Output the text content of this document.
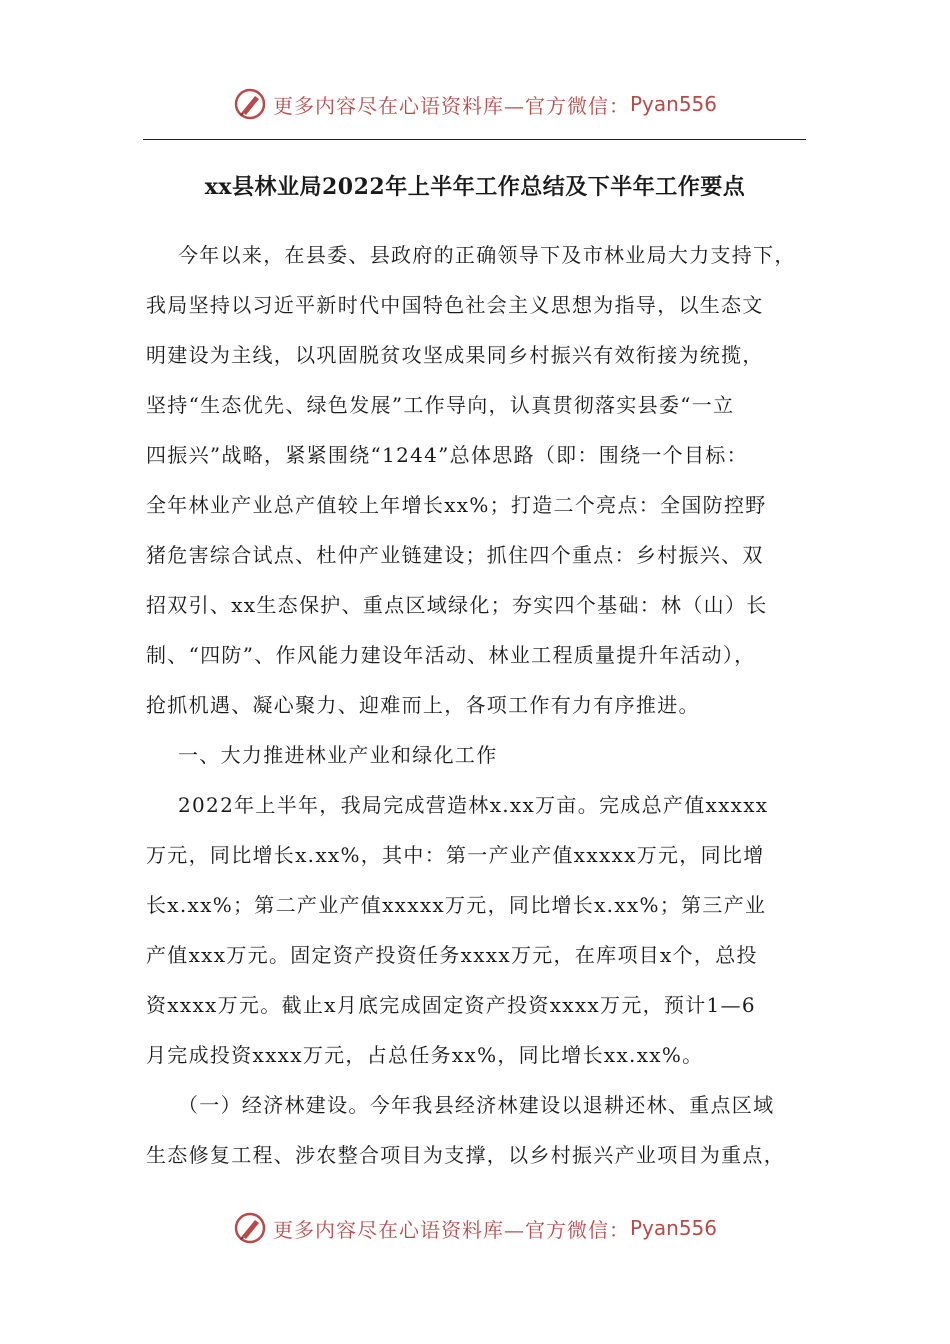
更多内容尽在心语资料库—官方微信： Pyan556
xx县林业局2022年上半年工作总结及下半年工作要点
今年以来，在县委、县政府的正确领导下及市林业局大力支持下，
我局坚持以习近平新时代中国特色社会主义思想为指导，以生态文
明建设为主线，以巩固脱贫攻坚成果同乡村振兴有效衔接为统揽，
坚持“生态优先、绿色发展”工作导向，认真贯彻落实县委“一立
四振兴”战略，紧紧围绕“1244”总体思路（即：围绕一个目标：
全年林业产业总产值较上年增长xx%；打造二个亮点：全国防控野
猪危害综合试点、杜仲产业链建设；抓住四个重点：乡村振兴、双
招双引、xx生态保护、重点区域绿化；夯实四个基础：林（山）长
制、“四防”、作风能力建设年活动、林业工程质量提升年活动），
抢抓机遇、凝心聚力、迎难而上，各项工作有力有序推进。
一、大力推进林业产业和绿化工作
2022年上半年，我局完成营造林x.xx万亩。完成总产值xxxxx
万元，同比增长x.xx%，其中：第一产业产值xxxxx万元，同比增
长x.xx%；第二产业产值xxxxx万元，同比增长x.xx%；第三产业
产值xxx万元。固定资产投资任务xxxx万元，在库项目x个，总投
资xxxx万元。截止x月底完成固定资产投资xxxx万元，预计1—6
月完成投资xxxx万元，占总任务xx%，同比增长xx.xx%。
（一）经济林建设。今年我县经济林建设以退耕还林、重点区域
生态修复工程、涉农整合项目为支撑，以乡村振兴产业项目为重点，
更多内容尽在心语资料库—官方微信： Pyan556
